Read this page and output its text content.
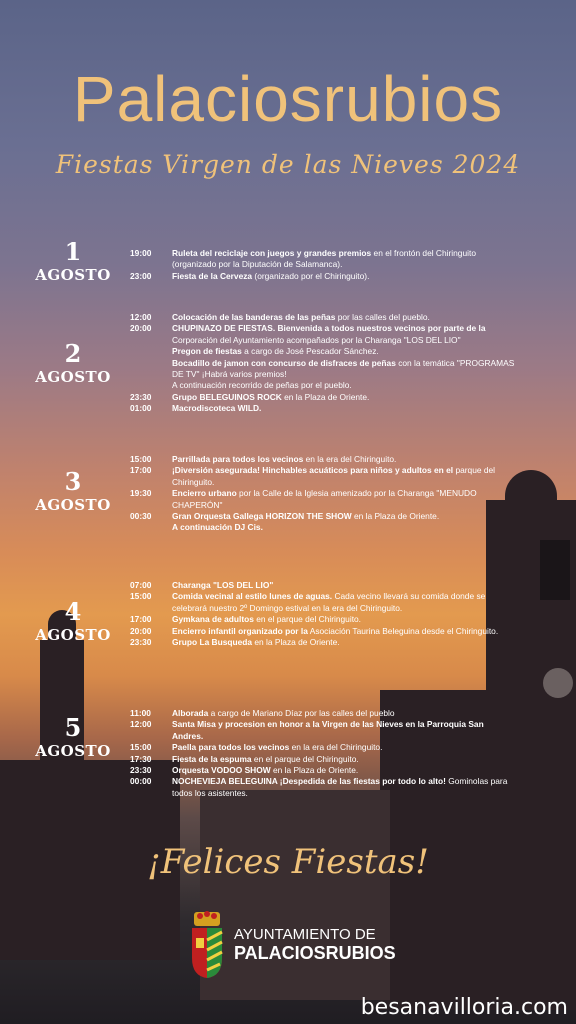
Palaciosrubios
Fiestas Virgen de las Nieves 2024
1
AGOSTO
19:00	Ruleta del reciclaje con juegos y grandes premios en el frontón del Chiringuito (organizado por la Diputación de Salamanca).
23:00	Fiesta de la Cerveza (organizado por el Chiringuito).
2
AGOSTO
12:00	Colocación de las banderas de las peñas por las calles del pueblo.
20:00	CHUPINAZO DE FIESTAS. Bienvenida a todos nuestros vecinos por parte de la Corporación del Ayuntamiento acompañados por la Charanga "LOS DEL LIO"
Pregon de fiestas a cargo de José Pescador Sánchez.
Bocadillo de jamon con concurso de disfraces de peñas con la temática "PROGRAMAS DE TV" ¡Habrá varios premios!
A continuación recorrido de peñas por el pueblo.
23:30	Grupo BELEGUINOS ROCK en la Plaza de Oriente.
01:00	Macrodiscoteca WILD.
3
AGOSTO
15:00	Parrillada para todos los vecinos en la era del Chiringuito.
17:00	¡Diversión asegurada! Hinchables acuáticos para niños y adultos en el parque del Chiringuito.
19:30	Encierro urbano por la Calle de la Iglesia amenizado por la Charanga "MENUDO CHAPERÓN"
00:30	Gran Orquesta Gallega HORIZON THE SHOW en la Plaza de Oriente.
A continuación DJ Cis.
4
AGOSTO
07:00	Charanga "LOS DEL LIO"
15:00	Comida vecinal al estilo lunes de aguas. Cada vecino llevará su comida donde se celebrará nuestro 2º Domingo estival en la era del Chiringuito.
17:00	Gymkana de adultos en el parque del Chiringuito.
20:00	Encierro infantil organizado por la Asociación Taurina Beleguina desde el Chiringuito.
23:30	Grupo La Busqueda en la Plaza de Oriente.
5
AGOSTO
11:00	Alborada a cargo de Mariano Díaz por las calles del pueblo
12:00	Santa Misa y procesion en honor a la Virgen de las Nieves en la Parroquia San Andres.
15:00	Paella para todos los vecinos en la era del Chiringuito.
17:30	Fiesta de la espuma en el parque del Chiringuito.
23:30	Orquesta VODOO SHOW en la Plaza de Oriente.
00:00	NOCHEVIEJA BELEGUINA ¡Despedida de las fiestas por todo lo alto! Gominolas para todos los asistentes.
¡Felices Fiestas!
AYUNTAMIENTO DE
PALACIOSRUBIOS
besanavilloria.com
